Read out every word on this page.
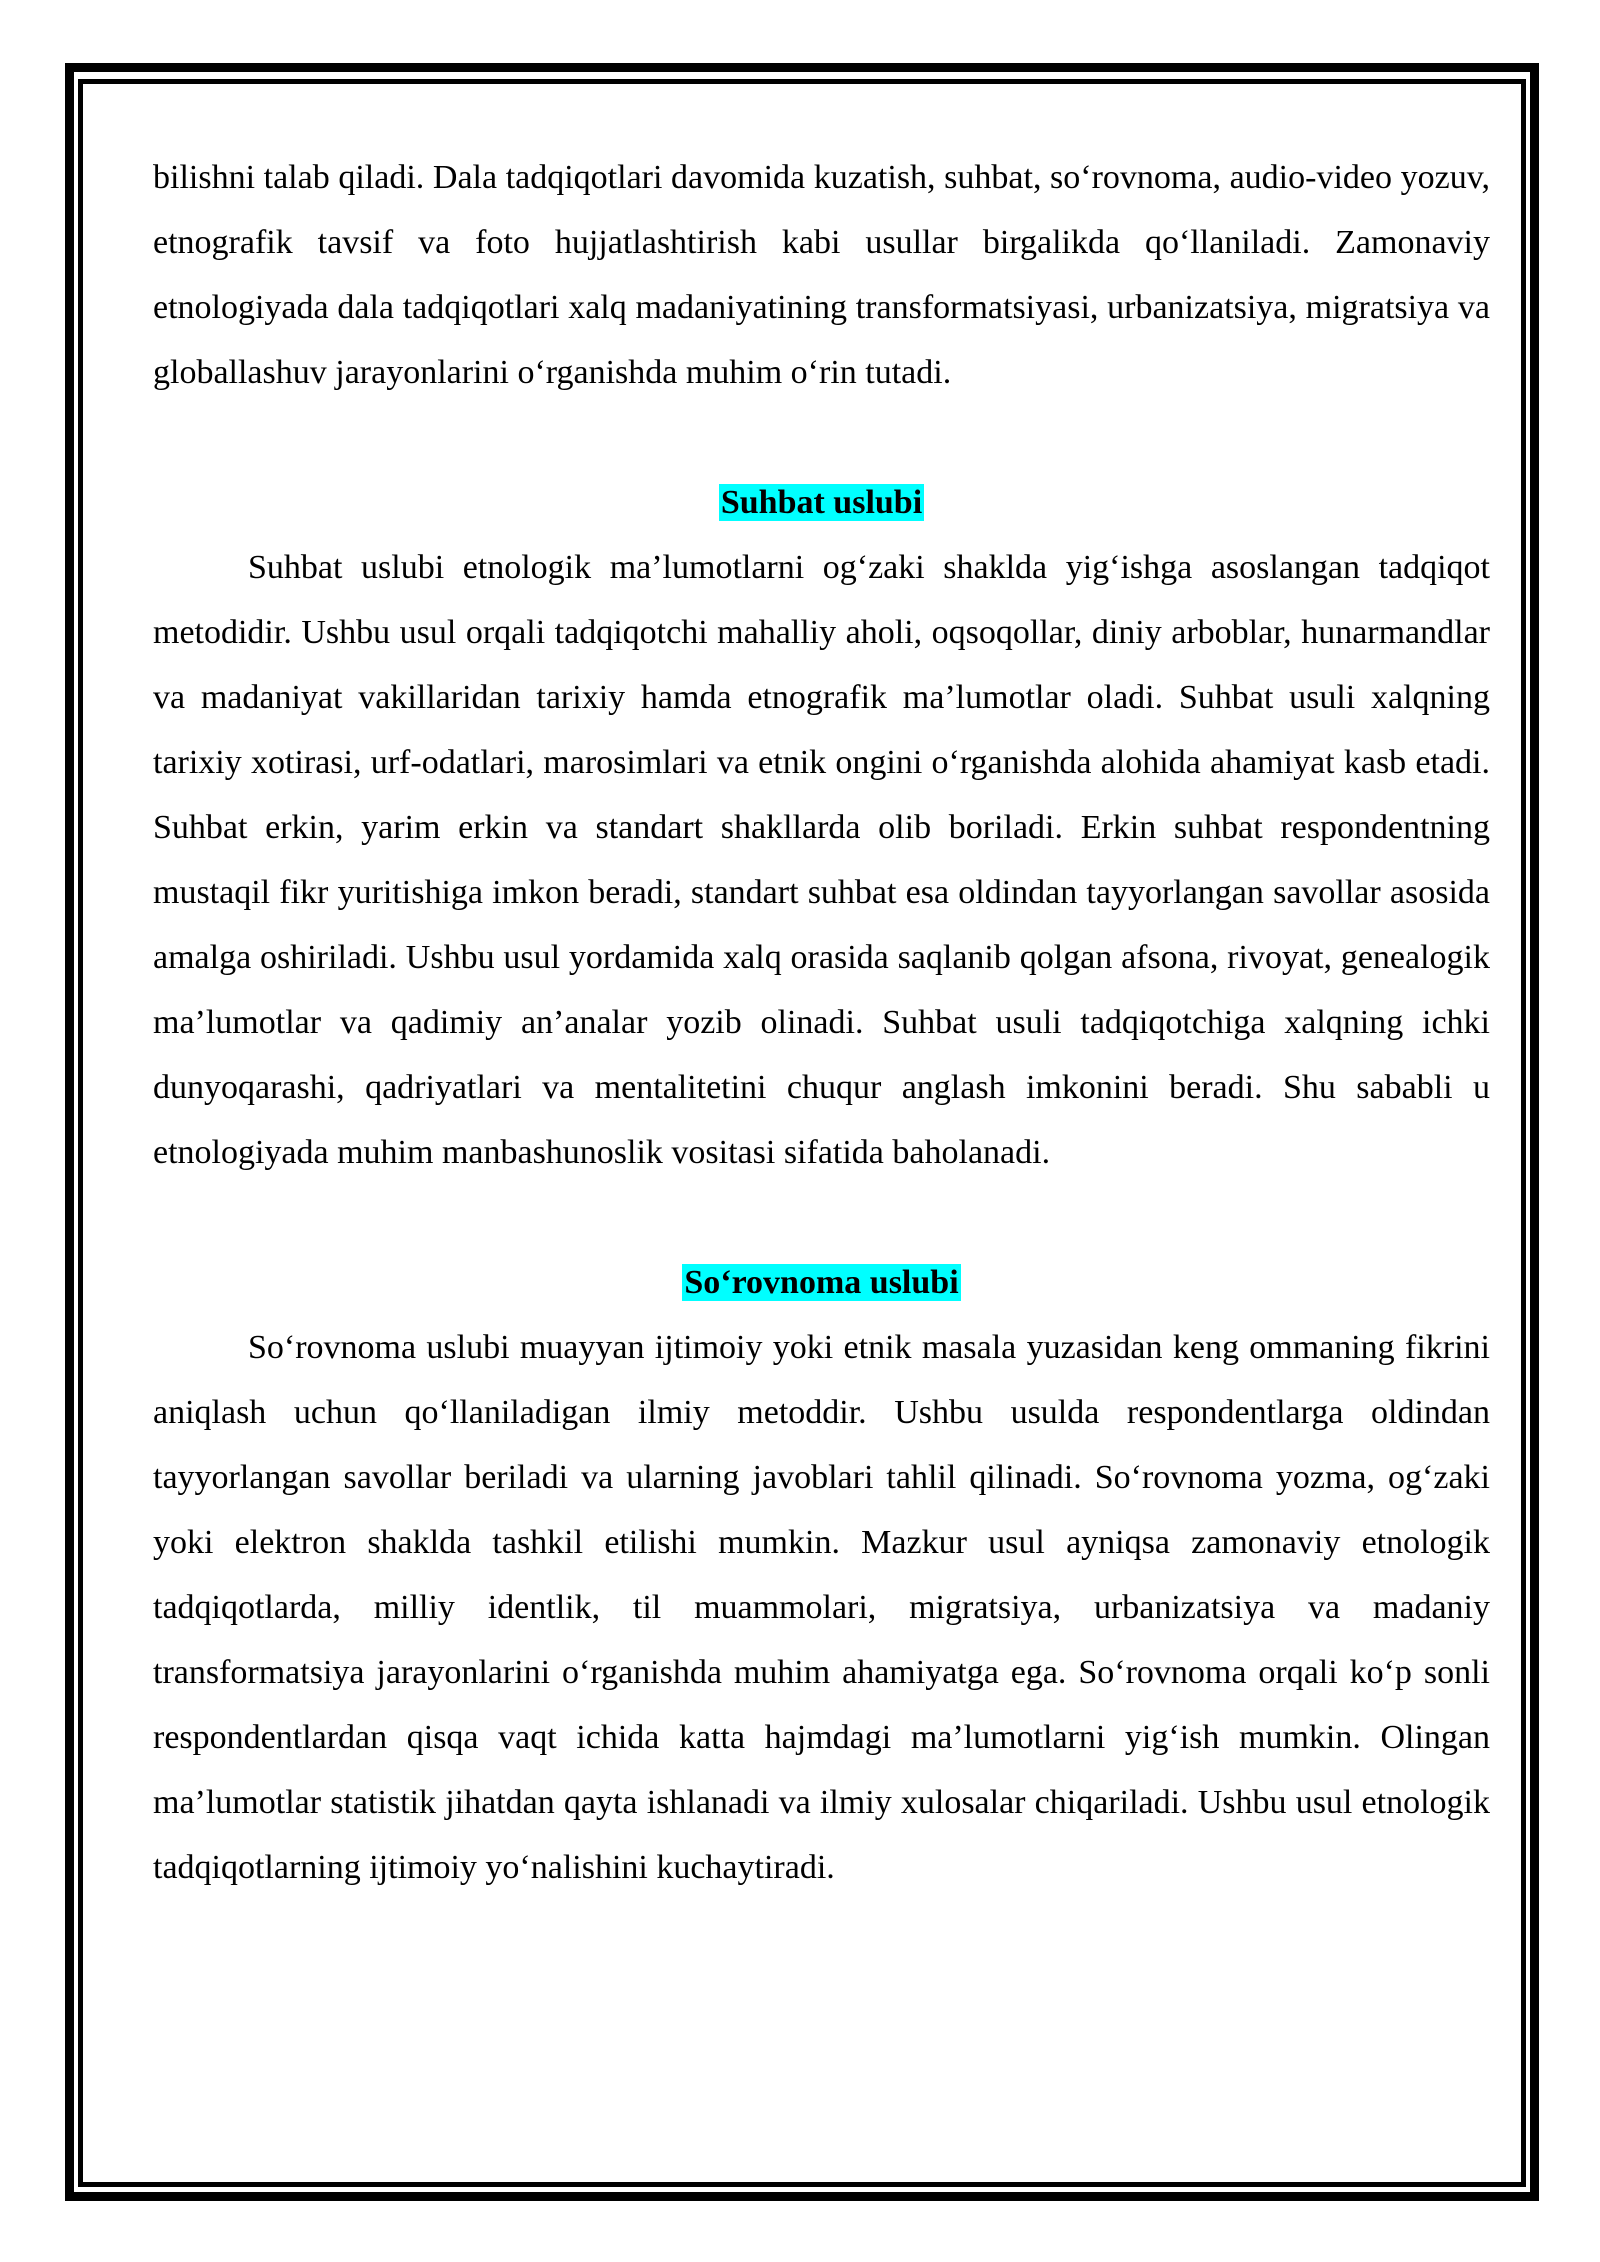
bilishni talab qiladi. Dala tadqiqotlari davomida kuzatish, suhbat, so‘rovnoma, audio-video yozuv, etnografik tavsif va foto hujjatlashtirish kabi usullar birgalikda qo‘llaniladi. Zamonaviy etnologiyada dala tadqiqotlari xalq madaniyatining transformatsiyasi, urbanizatsiya, migratsiya va globallashuv jarayonlarini o‘rganishda muhim o‘rin tutadi.

Suhbat uslubi

Suhbat uslubi etnologik ma’lumotlarni og‘zaki shaklda yig‘ishga asoslangan tadqiqot metodidir. Ushbu usul orqali tadqiqotchi mahalliy aholi, oqsoqollar, diniy arboblar, hunarmandlar va madaniyat vakillaridan tarixiy hamda etnografik ma’lumotlar oladi. Suhbat usuli xalqning tarixiy xotirasi, urf-odatlari, marosimlari va etnik ongini o‘rganishda alohida ahamiyat kasb etadi. Suhbat erkin, yarim erkin va standart shakllarda olib boriladi. Erkin suhbat respondentning mustaqil fikr yuritishiga imkon beradi, standart suhbat esa oldindan tayyorlangan savollar asosida amalga oshiriladi. Ushbu usul yordamida xalq orasida saqlanib qolgan afsona, rivoyat, genealogik ma’lumotlar va qadimiy an’analar yozib olinadi. Suhbat usuli tadqiqotchiga xalqning ichki dunyoqarashi, qadriyatlari va mentalitetini chuqur anglash imkonini beradi. Shu sababli u etnologiyada muhim manbashunoslik vositasi sifatida baholanadi.

So‘rovnoma uslubi

So‘rovnoma uslubi muayyan ijtimoiy yoki etnik masala yuzasidan keng ommaning fikrini aniqlash uchun qo‘llaniladigan ilmiy metoddir. Ushbu usulda respondentlarga oldindan tayyorlangan savollar beriladi va ularning javoblari tahlil qilinadi. So‘rovnoma yozma, og‘zaki yoki elektron shaklda tashkil etilishi mumkin. Mazkur usul ayniqsa zamonaviy etnologik tadqiqotlarda, milliy identlik, til muammolari, migratsiya, urbanizatsiya va madaniy transformatsiya jarayonlarini o‘rganishda muhim ahamiyatga ega. So‘rovnoma orqali ko‘p sonli respondentlardan qisqa vaqt ichida katta hajmdagi ma’lumotlarni yig‘ish mumkin. Olingan ma’lumotlar statistik jihatdan qayta ishlanadi va ilmiy xulosalar chiqariladi. Ushbu usul etnologik tadqiqotlarning ijtimoiy yo‘nalishini kuchaytiradi.
